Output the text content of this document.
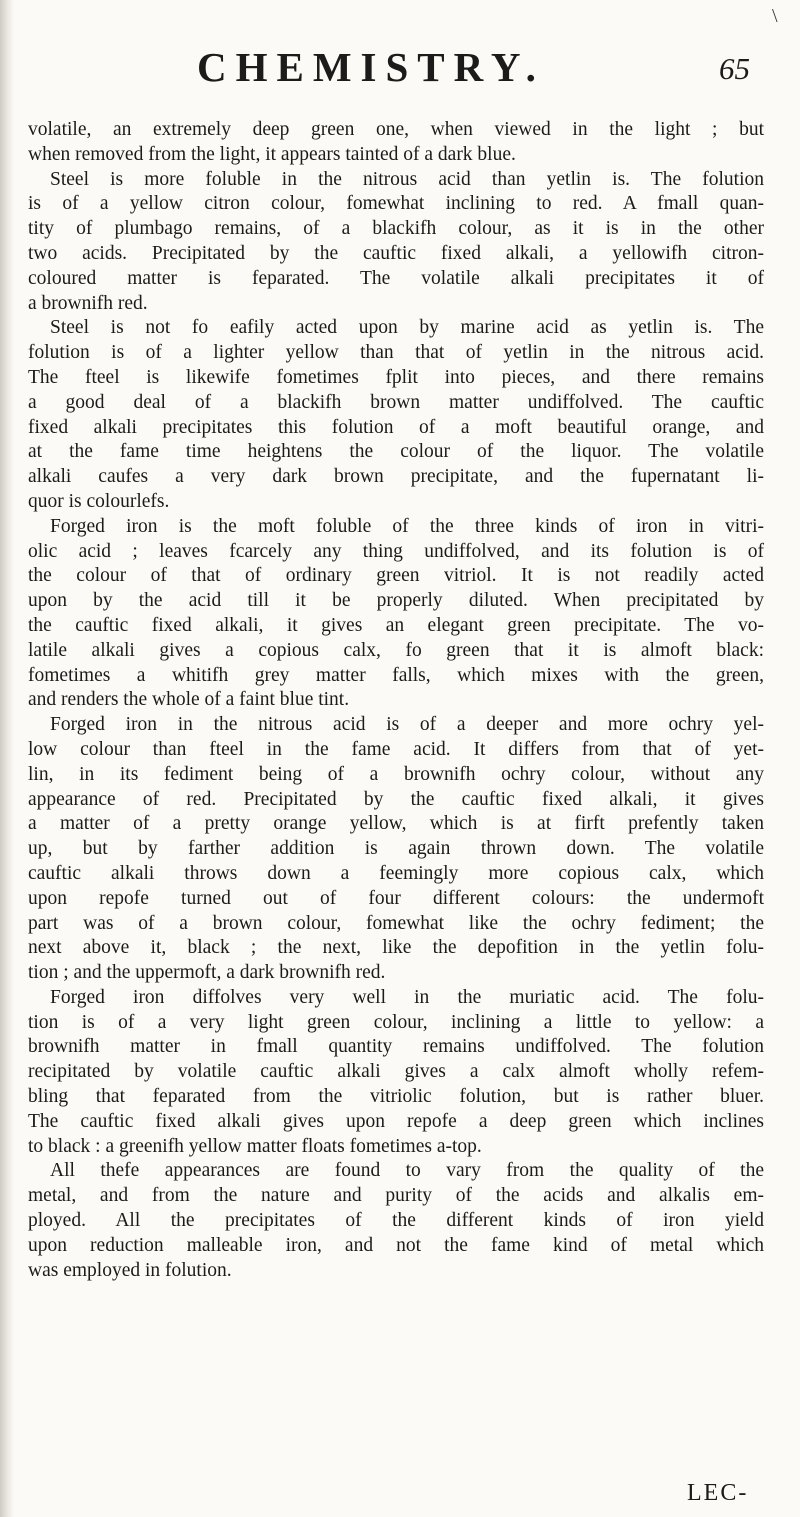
\
CHEMISTRY.	65
volatile, an extremely deep green one, when viewed in the light ; but
when removed from the light, it appears tainted of a dark blue.
Steel is more foluble in the nitrous acid than yetlin is. The folution
is of a yellow citron colour, fomewhat inclining to red. A fmall quan-
tity of plumbago remains, of a blackifh colour, as it is in the other
two acids. Precipitated by the cauftic fixed alkali, a yellowifh citron-
coloured matter is feparated. The volatile alkali precipitates it of
a brownifh red.
Steel is not fo eafily acted upon by marine acid as yetlin is. The
folution is of a lighter yellow than that of yetlin in the nitrous acid.
The fteel is likewife fometimes fplit into pieces, and there remains
a good deal of a blackifh brown matter undiffolved. The cauftic
fixed alkali precipitates this folution of a moft beautiful orange, and
at the fame time heightens the colour of the liquor. The volatile
alkali caufes a very dark brown precipitate, and the fupernatant li-
quor is colourlefs.
Forged iron is the moft foluble of the three kinds of iron in vitri-
olic acid ; leaves fcarcely any thing undiffolved, and its folution is of
the colour of that of ordinary green vitriol. It is not readily acted
upon by the acid till it be properly diluted. When precipitated by
the cauftic fixed alkali, it gives an elegant green precipitate. The vo-
latile alkali gives a copious calx, fo green that it is almoft black:
fometimes a whitifh grey matter falls, which mixes with the green,
and renders the whole of a faint blue tint.
Forged iron in the nitrous acid is of a deeper and more ochry yel-
low colour than fteel in the fame acid. It differs from that of yet-
lin, in its fediment being of a brownifh ochry colour, without any
appearance of red. Precipitated by the cauftic fixed alkali, it gives
a matter of a pretty orange yellow, which is at firft prefently taken
up, but by farther addition is again thrown down. The volatile
cauftic alkali throws down a feemingly more copious calx, which
upon repofe turned out of four different colours: the undermoft
part was of a brown colour, fomewhat like the ochry fediment; the
next above it, black ; the next, like the depofition in the yetlin folu-
tion ; and the uppermoft, a dark brownifh red.
Forged iron diffolves very well in the muriatic acid. The folu-
tion is of a very light green colour, inclining a little to yellow: a
brownifh matter in fmall quantity remains undiffolved. The folution
recipitated by volatile cauftic alkali gives a calx almoft wholly refem-
bling that feparated from the vitriolic folution, but is rather bluer.
The cauftic fixed alkali gives upon repofe a deep green which inclines
to black : a greenifh yellow matter floats fometimes a-top.
All thefe appearances are found to vary from the quality of the
metal, and from the nature and purity of the acids and alkalis em-
ployed. All the precipitates of the different kinds of iron yield
upon reduction malleable iron, and not the fame kind of metal which
was employed in folution.
LEC-
